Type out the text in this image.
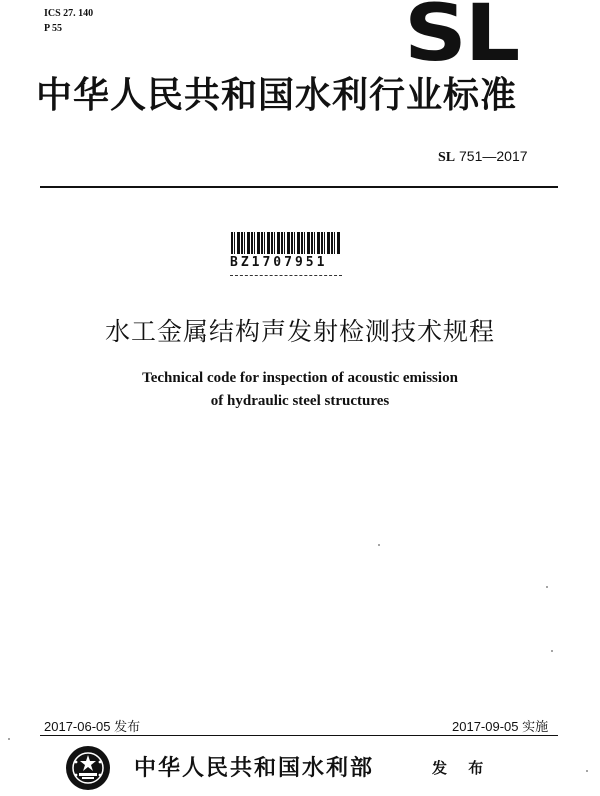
ICS 27. 140
P 55	SL
中华人民共和国水利行业标准
SL 751—2017
BZ1707951
水工金属结构声发射检测技术规程
Technical code for inspection of acoustic emission
of hydraulic steel structures
2017-06-05 发布	2017-09-05 实施
中华人民共和国水利部	发 布
